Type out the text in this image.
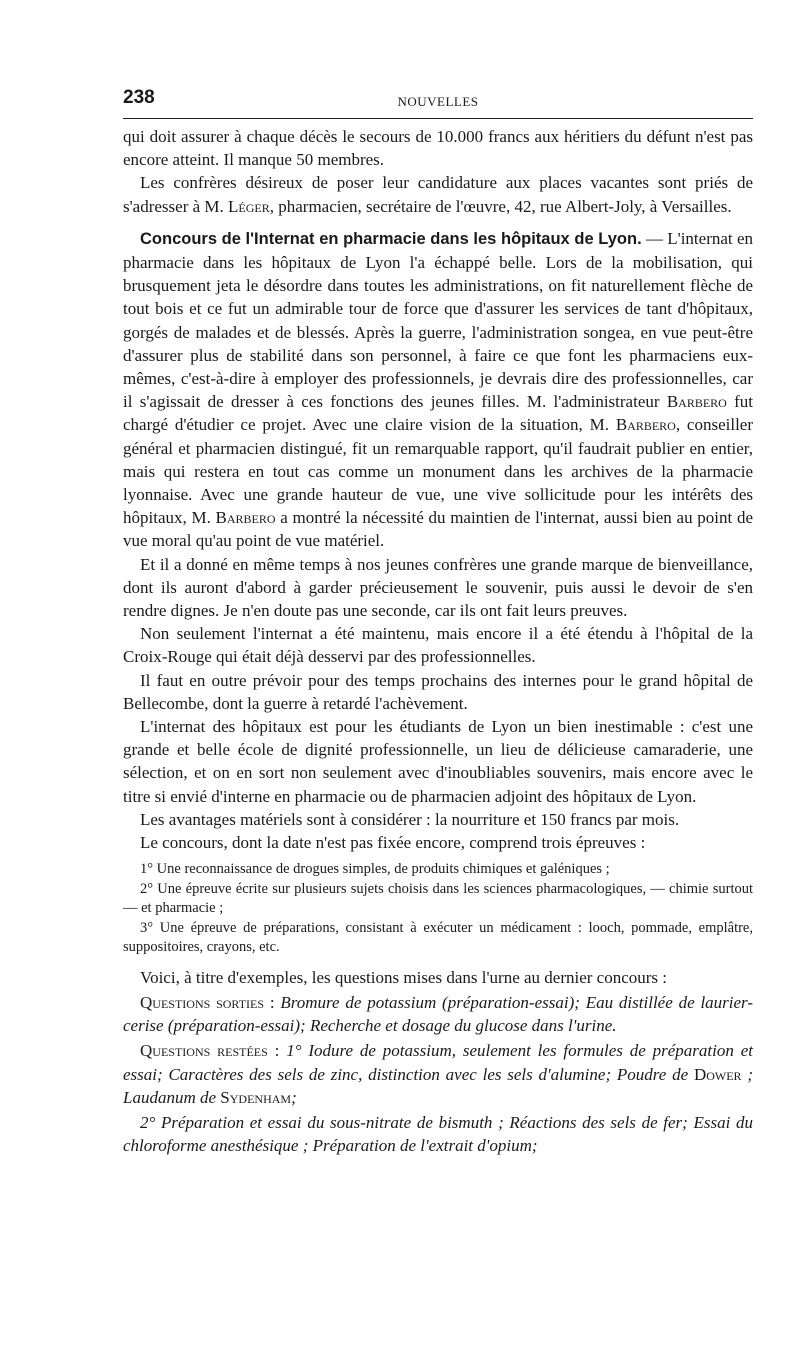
238	NOUVELLES

qui doit assurer à chaque décès le secours de 10.000 francs aux héritiers du défunt n'est pas encore atteint. Il manque 50 membres.

Les confrères désireux de poser leur candidature aux places vacantes sont priés de s'adresser à M. Léger, pharmacien, secrétaire de l'œuvre, 42, rue Albert-Joly, à Versailles.

Concours de l'Internat en pharmacie dans les hôpitaux de Lyon. — L'internat en pharmacie dans les hôpitaux de Lyon l'a échappé belle. Lors de la mobilisation, qui brusquement jeta le désordre dans toutes les administrations, on fit naturellement flèche de tout bois et ce fut un admirable tour de force que d'assurer les services de tant d'hôpitaux, gorgés de malades et de blessés. Après la guerre, l'administration songea, en vue peut-être d'assurer plus de stabilité dans son personnel, à faire ce que font les pharmaciens eux-mêmes, c'est-à-dire à employer des professionnels, je devrais dire des professionnelles, car il s'agissait de dresser à ces fonctions des jeunes filles. M. l'administrateur Barbero fut chargé d'étudier ce projet. Avec une claire vision de la situation, M. Barbero, conseiller général et pharmacien distingué, fit un remarquable rapport, qu'il faudrait publier en entier, mais qui restera en tout cas comme un monument dans les archives de la pharmacie lyonnaise. Avec une grande hauteur de vue, une vive sollicitude pour les intérêts des hôpitaux, M. Barbero a montré la nécessité du maintien de l'internat, aussi bien au point de vue moral qu'au point de vue matériel.

Et il a donné en même temps à nos jeunes confrères une grande marque de bienveillance, dont ils auront d'abord à garder précieusement le souvenir, puis aussi le devoir de s'en rendre dignes. Je n'en doute pas une seconde, car ils ont fait leurs preuves.

Non seulement l'internat a été maintenu, mais encore il a été étendu à l'hôpital de la Croix-Rouge qui était déjà desservi par des professionnelles.

Il faut en outre prévoir pour des temps prochains des internes pour le grand hôpital de Bellecombe, dont la guerre à retardé l'achèvement.

L'internat des hôpitaux est pour les étudiants de Lyon un bien inestimable : c'est une grande et belle école de dignité professionnelle, un lieu de délicieuse camaraderie, une sélection, et on en sort non seulement avec d'inoubliables souvenirs, mais encore avec le titre si envié d'interne en pharmacie ou de pharmacien adjoint des hôpitaux de Lyon.

Les avantages matériels sont à considérer : la nourriture et 150 francs par mois.

Le concours, dont la date n'est pas fixée encore, comprend trois épreuves :

1° Une reconnaissance de drogues simples, de produits chimiques et galéniques ;
2° Une épreuve écrite sur plusieurs sujets choisis dans les sciences pharmacologiques, — chimie surtout — et pharmacie ;
3° Une épreuve de préparations, consistant à exécuter un médicament : looch, pommade, emplâtre, suppositoires, crayons, etc.

Voici, à titre d'exemples, les questions mises dans l'urne au dernier concours :

Questions sorties : Bromure de potassium (préparation-essai); Eau distillée de laurier-cerise (préparation-essai); Recherche et dosage du glucose dans l'urine.

Questions restées : 1° Iodure de potassium, seulement les formules de préparation et essai; Caractères des sels de zinc, distinction avec les sels d'alumine; Poudre de Dower ; Laudanum de Sydenham;

2° Préparation et essai du sous-nitrate de bismuth ; Réactions des sels de fer; Essai du chloroforme anesthésique ; Préparation de l'extrait d'opium;
